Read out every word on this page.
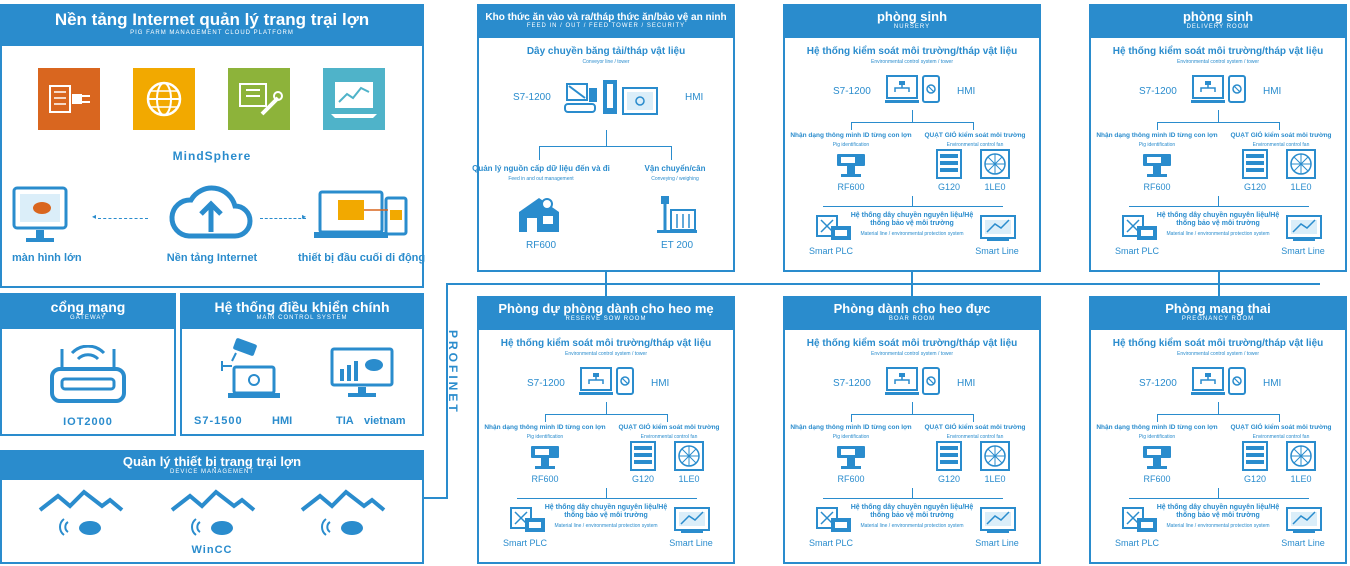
Nền tảng Internet quản lý trang trại lợn
PIG FARM MANAGEMENT CLOUD PLATFORM
MindSphere
màn hình lớn
◂
Nền tảng Internet
▸
thiết bị đầu cuối di động
cổng mạng
GATEWAY
IOT2000
Hệ thống điều khiển chính
MAIN CONTROL SYSTEM
S7-1500	HMI	TIA vietnam
Quản lý thiết bị trang trại lợn
DEVICE MANAGEMENT
WinCC
PROFINET
Kho thức ăn vào và ra/tháp thức ăn/bảo vệ an ninh
FEED IN / OUT / FEED TOWER / SECURITY
Dây chuyền băng tải/tháp vật liệu
Conveyor line / tower
S7-1200	HMI
Quản lý nguồn cấp dữ liệu đến và đi
Feed in and out management
Vận chuyển/cân
Conveying / weighing
RF600	ET 200
phòng sinh
NURSERY
Hệ thống kiểm soát môi trường/tháp vật liệu
Environmental control system / tower
S7-1200	HMI
Nhận dạng thông minh ID từng con lợn
Pig identification
QUẠT GIÓ kiểm soát môi trường
Environmental control fan
RF600	G120	1LE0
Hệ thống dây chuyền nguyên liệu/Hệ thống bảo vệ môi trường
Material line / environmental protection system
Smart PLC	Smart Line
phòng sinh
DELIVERY ROOM
Hệ thống kiểm soát môi trường/tháp vật liệu
Environmental control system / tower
S7-1200	HMI
Nhận dạng thông minh ID từng con lợn
Pig identification
QUẠT GIÓ kiểm soát môi trường
Environmental control fan
RF600	G120	1LE0
Hệ thống dây chuyền nguyên liệu/Hệ thống bảo vệ môi trường
Material line / environmental protection system
Smart PLC	Smart Line
Phòng dự phòng dành cho heo mẹ
RESERVE SOW ROOM
Hệ thống kiểm soát môi trường/tháp vật liệu
Environmental control system / tower
S7-1200	HMI
Nhận dạng thông minh ID từng con lợn
Pig identification
QUẠT GIÓ kiểm soát môi trường
Environmental control fan
RF600	G120	1LE0
Hệ thống dây chuyền nguyên liệu/Hệ thống bảo vệ môi trường
Material line / environmental protection system
Smart PLC	Smart Line
Phòng dành cho heo đực
BOAR ROOM
Hệ thống kiểm soát môi trường/tháp vật liệu
Environmental control system / tower
S7-1200	HMI
Nhận dạng thông minh ID từng con lợn
Pig identification
QUẠT GIÓ kiểm soát môi trường
Environmental control fan
RF600	G120	1LE0
Hệ thống dây chuyền nguyên liệu/Hệ thống bảo vệ môi trường
Material line / environmental protection system
Smart PLC	Smart Line
Phòng mang thai
PREGNANCY ROOM
Hệ thống kiểm soát môi trường/tháp vật liệu
Environmental control system / tower
S7-1200	HMI
Nhận dạng thông minh ID từng con lợn
Pig identification
QUẠT GIÓ kiểm soát môi trường
Environmental control fan
RF600	G120	1LE0
Hệ thống dây chuyền nguyên liệu/Hệ thống bảo vệ môi trường
Material line / environmental protection system
Smart PLC	Smart Line
